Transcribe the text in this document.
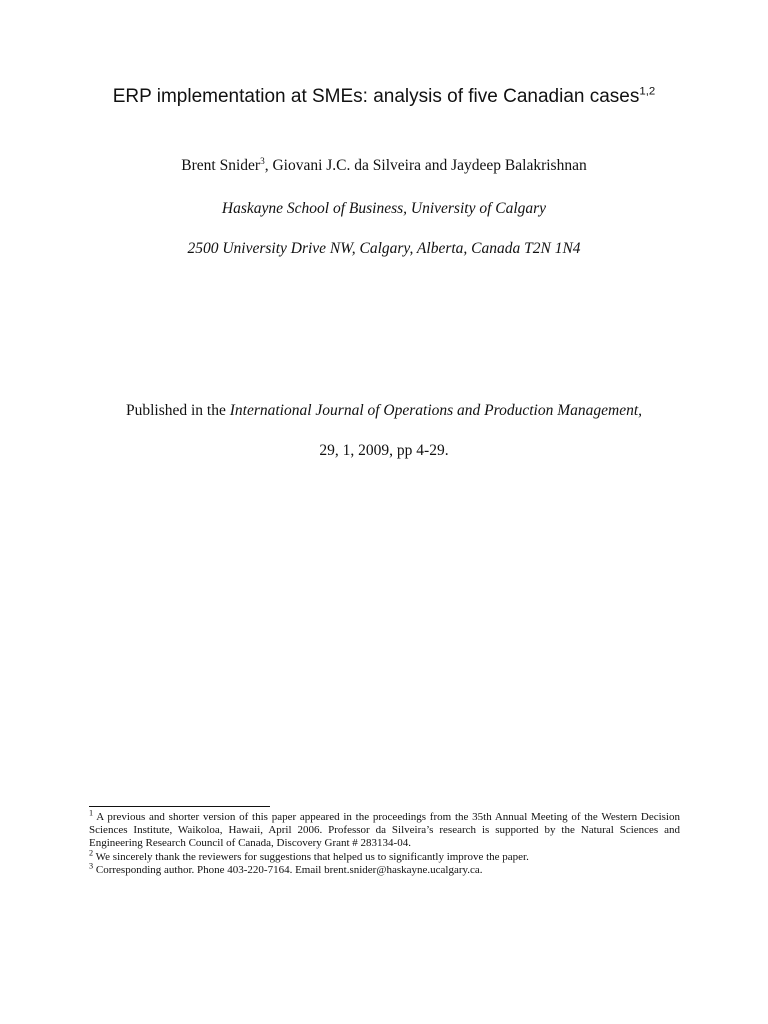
ERP implementation at SMEs: analysis of five Canadian cases$^{1,2}$
Brent Snider$^3$, Giovani J.C. da Silveira and Jaydeep Balakrishnan
Haskayne School of Business, University of Calgary
2500 University Drive NW, Calgary, Alberta, Canada T2N 1N4
Published in the International Journal of Operations and Production Management,
29, 1, 2009, pp 4-29.

$^1$ A previous and shorter version of this paper appeared in the proceedings from the 35th Annual Meeting of the Western Decision Sciences Institute, Waikoloa, Hawaii, April 2006. Professor da Silveira’s research is supported by the Natural Sciences and Engineering Research Council of Canada, Discovery Grant # 283134-04.

$^2$ We sincerely thank the reviewers for suggestions that helped us to significantly improve the paper.

$^3$ Corresponding author. Phone 403-220-7164. Email brent.snider@haskayne.ucalgary.ca.
